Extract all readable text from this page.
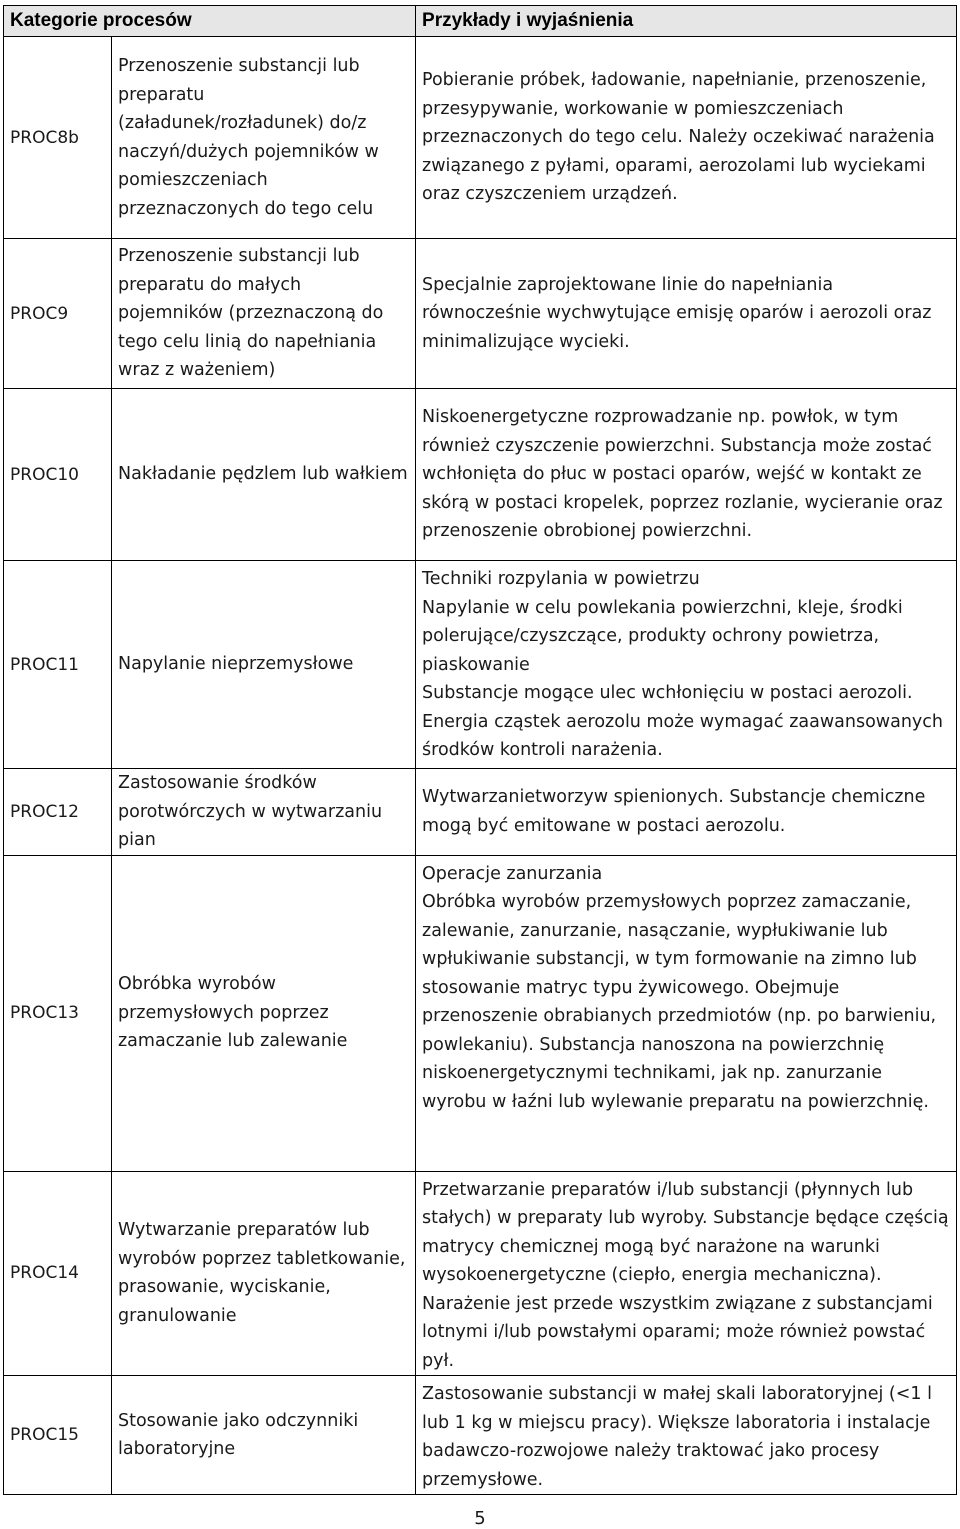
Kategorie procesów		Przykłady i wyjaśnienia
PROC8b	Przenoszenie substancji lub preparatu (załadunek/rozładunek) do/z naczyń/dużych pojemników w pomieszczeniach przeznaczonych do tego celu	Pobieranie próbek, ładowanie, napełnianie, przenoszenie, przesypywanie, workowanie w pomieszczeniach przeznaczonych do tego celu. Należy oczekiwać narażenia związanego z pyłami, oparami, aerozolami lub wyciekami oraz czyszczeniem urządzeń.

PROC9	Przenoszenie substancji lub preparatu do małych pojemników (przeznaczoną do tego celu linią do napełniania wraz z ważeniem)	Specjalnie zaprojektowane linie do napełniania równocześnie wychwytujące emisję oparów i aerozoli oraz minimalizujące wycieki.

PROC10	Nakładanie pędzlem lub wałkiem	Niskoenergetyczne rozprowadzanie np. powłok, w tym również czyszczenie powierzchni. Substancja może zostać wchłonięta do płuc w postaci oparów, wejść w kontakt ze skórą w postaci kropelek, poprzez rozlanie, wycieranie oraz przenoszenie obrobionej powierzchni.

PROC11	Napylanie nieprzemysłowe	Techniki rozpylania w powietrzu
Napylanie w celu powlekania powierzchni, kleje, środki polerujące/czyszczące, produkty ochrony powietrza, piaskowanie
Substancje mogące ulec wchłonięciu w postaci aerozoli. Energia cząstek aerozolu może wymagać zaawansowanych środków kontroli narażenia.

PROC12	Zastosowanie środków porotwórczych w wytwarzaniu pian	Wytwarzanietworzyw spienionych. Substancje chemiczne mogą być emitowane w postaci aerozolu.

PROC13	Obróbka wyrobów przemysłowych poprzez zamaczanie lub zalewanie	Operacje zanurzania
Obróbka wyrobów przemysłowych poprzez zamaczanie, zalewanie, zanurzanie, nasączanie, wypłukiwanie lub wpłukiwanie substancji, w tym formowanie na zimno lub stosowanie matryc typu żywicowego. Obejmuje przenoszenie obrabianych przedmiotów (np. po barwieniu, powlekaniu). Substancja nanoszona na powierzchnię niskoenergetycznymi technikami, jak np. zanurzanie wyrobu w łaźni lub wylewanie preparatu na powierzchnię.

PROC14	Wytwarzanie preparatów lub wyrobów poprzez tabletkowanie, prasowanie, wyciskanie, granulowanie	Przetwarzanie preparatów i/lub substancji (płynnych lub stałych) w preparaty lub wyroby. Substancje będące częścią matrycy chemicznej mogą być narażone na warunki wysokoenergetyczne (ciepło, energia mechaniczna). Narażenie jest przede wszystkim związane z substancjami lotnymi i/lub powstałymi oparami; może również powstać pył.

PROC15	Stosowanie jako odczynniki laboratoryjne	Zastosowanie substancji w małej skali laboratoryjnej (<1 l lub 1 kg w miejscu pracy). Większe laboratoria i instalacje badawczo-rozwojowe należy traktować jako procesy przemysłowe.
5
